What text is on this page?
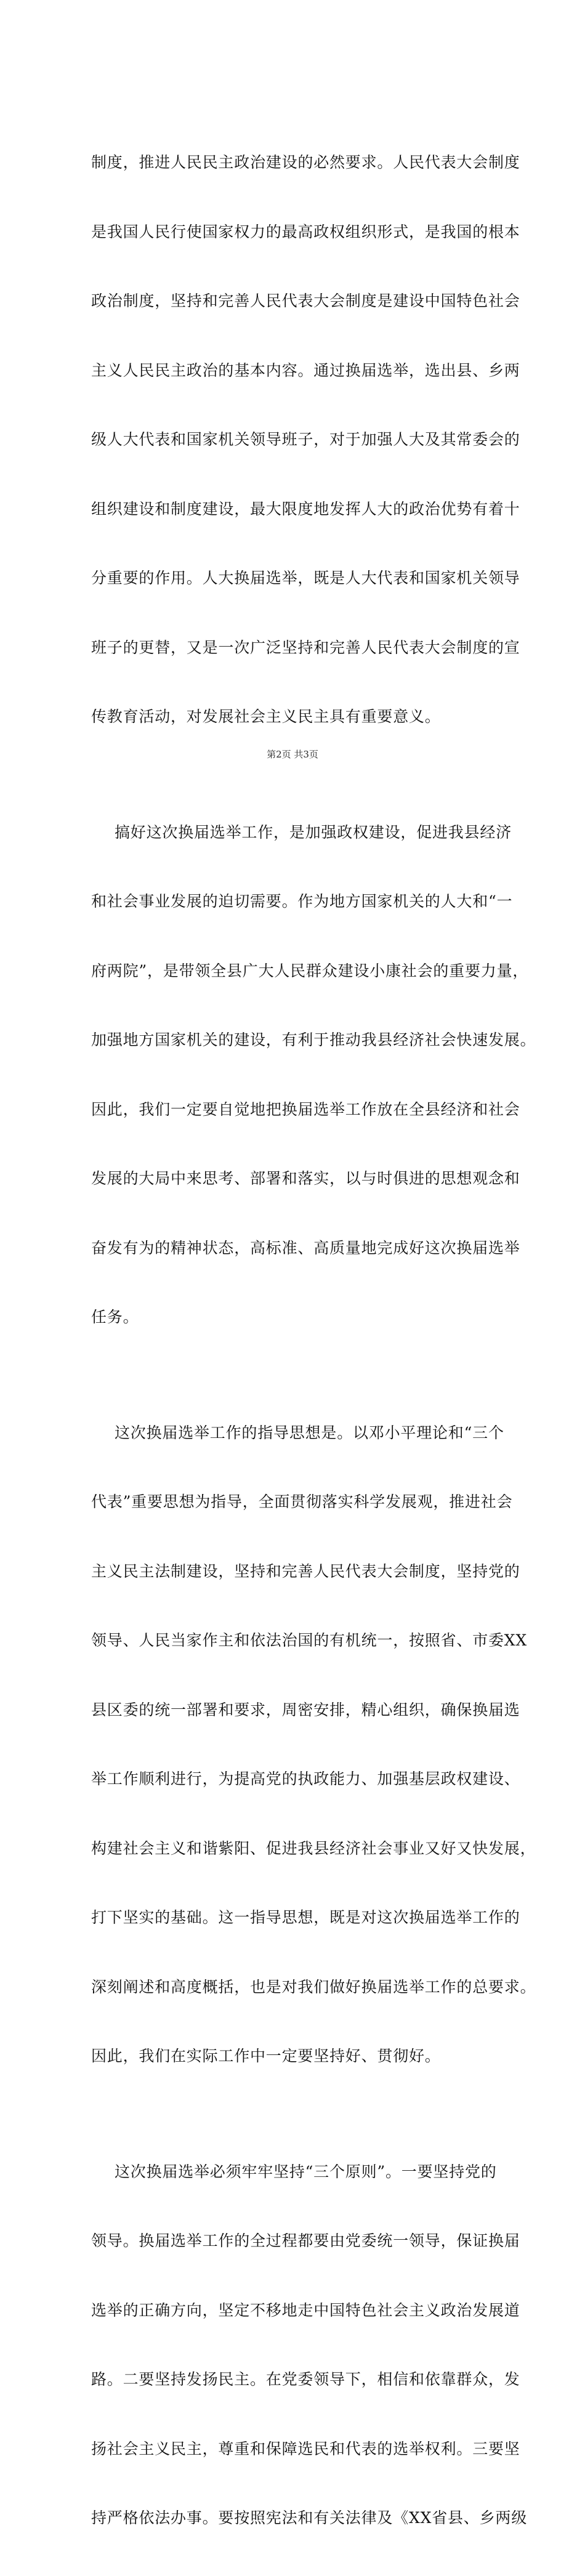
制度，推进人民民主政治建设的必然要求。人民代表大会制度

是我国人民行使国家权力的最高政权组织形式，是我国的根本

政治制度，坚持和完善人民代表大会制度是建设中国特色社会

主义人民民主政治的基本内容。通过换届选举，选出县、乡两

级人大代表和国家机关领导班子，对于加强人大及其常委会的

组织建设和制度建设，最大限度地发挥人大的政治优势有着十

分重要的作用。人大换届选举，既是人大代表和国家机关领导

班子的更替，又是一次广泛坚持和完善人民代表大会制度的宣

传教育活动，对发展社会主义民主具有重要意义。

搞好这次换届选举工作，是加强政权建设，促进我县经济

和社会事业发展的迫切需要。作为地方国家机关的人大和“一

府两院”，是带领全县广大人民群众建设小康社会的重要力量，

加强地方国家机关的建设，有利于推动我县经济社会快速发展。

因此，我们一定要自觉地把换届选举工作放在全县经济和社会

发展的大局中来思考、部署和落实，以与时俱进的思想观念和

奋发有为的精神状态，高标准、高质量地完成好这次换届选举

任务。

这次换届选举工作的指导思想是。以邓小平理论和“三个

代表”重要思想为指导，全面贯彻落实科学发展观，推进社会

主义民主法制建设，坚持和完善人民代表大会制度，坚持党的

领导、人民当家作主和依法治国的有机统一，按照省、市委XX

县区委的统一部署和要求，周密安排，精心组织，确保换届选

举工作顺利进行，为提高党的执政能力、加强基层政权建设、

构建社会主义和谐紫阳、促进我县经济社会事业又好又快发展，

打下坚实的基础。这一指导思想，既是对这次换届选举工作的

深刻阐述和高度概括，也是对我们做好换届选举工作的总要求。

因此，我们在实际工作中一定要坚持好、贯彻好。

这次换届选举必须牢牢坚持“三个原则”。一要坚持党的

领导。换届选举工作的全过程都要由党委统一领导，保证换届

选举的正确方向，坚定不移地走中国特色社会主义政治发展道

路。二要坚持发扬民主。在党委领导下，相信和依靠群众，发

扬社会主义民主，尊重和保障选民和代表的选举权利。三要坚

持严格依法办事。要按照宪法和有关法律及《XX省县、乡两级

第2页 共3页
